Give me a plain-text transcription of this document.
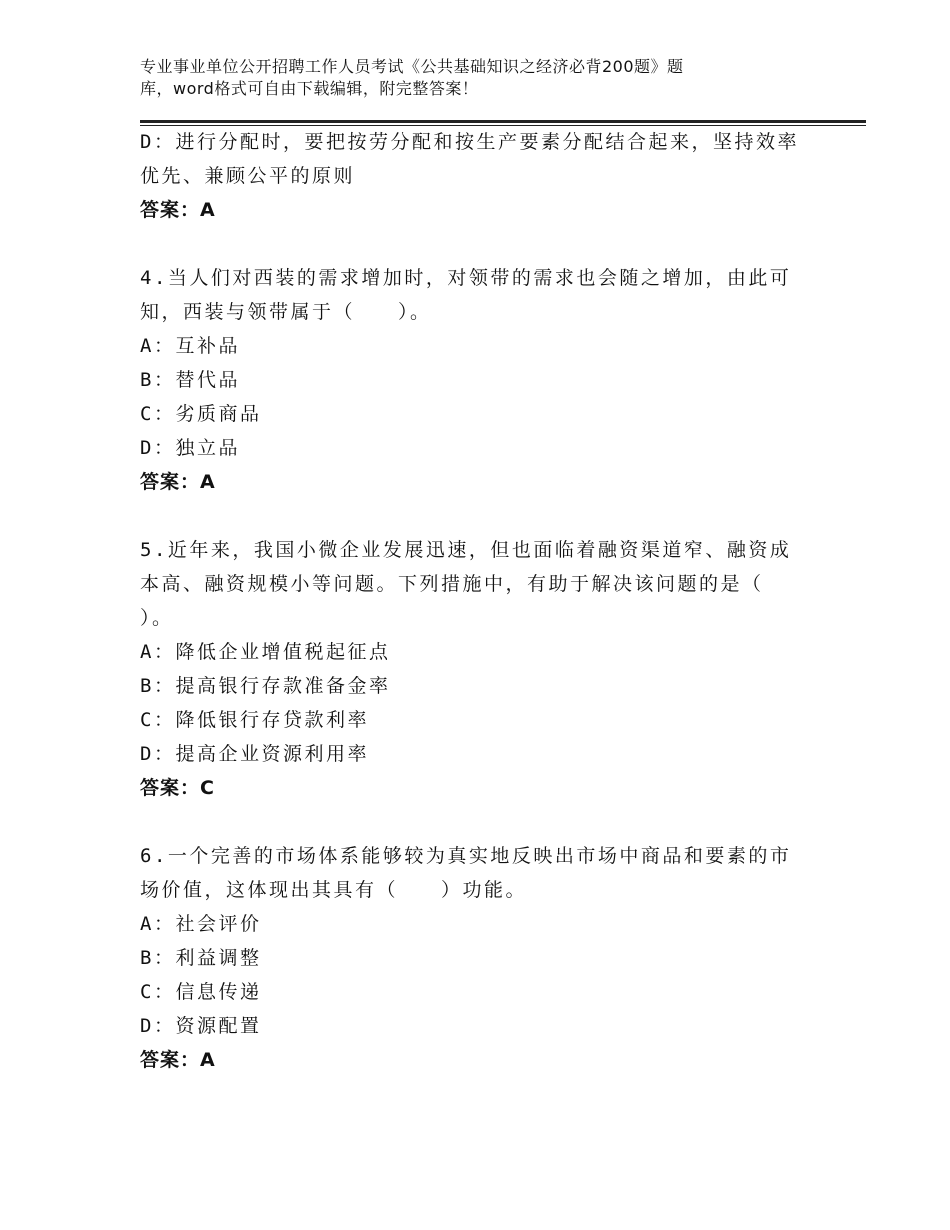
专业事业单位公开招聘工作人员考试《公共基础知识之经济必背200题》题
库，word格式可自由下载编辑，附完整答案！
D：进行分配时，要把按劳分配和按生产要素分配结合起来，坚持效率
优先、兼顾公平的原则
答案：A
4.当人们对西装的需求增加时，对领带的需求也会随之增加，由此可
知，西装与领带属于（　　）。
A：互补品
B：替代品
C：劣质商品
D：独立品
答案：A
5.近年来，我国小微企业发展迅速，但也面临着融资渠道窄、融资成
本高、融资规模小等问题。下列措施中，有助于解决该问题的是（
）。
A：降低企业增值税起征点
B：提高银行存款准备金率
C：降低银行存贷款利率
D：提高企业资源利用率
答案：C
6.一个完善的市场体系能够较为真实地反映出市场中商品和要素的市
场价值，这体现出其具有（　　）功能。
A：社会评价
B：利益调整
C：信息传递
D：资源配置
答案：A
